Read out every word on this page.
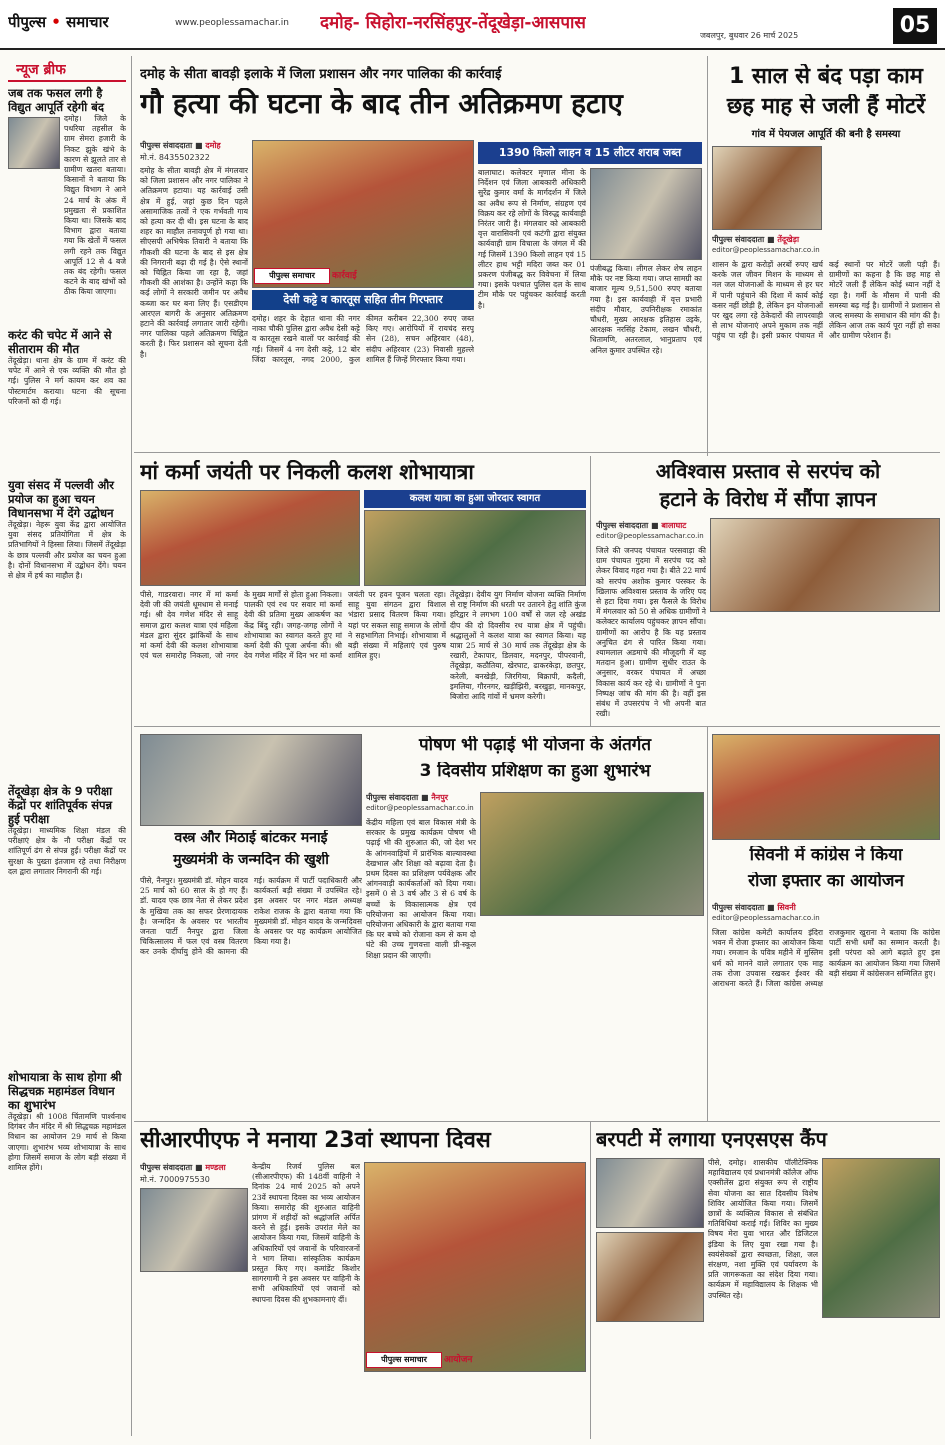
पीपुल्स • समाचार	www.peoplessamachar.in दमोह- सिहोरा-नरसिंहपुर-तेंदूखेड़ा-आसपास
जबलपुर, बुधवार 26 मार्च 2025	05
न्यूज ब्रीफ
जब तक फसल लगी है विद्युत आपूर्ति रहेगी बंद
दमोह। जिले के पथरिया तहसील के ग्राम सेमरा हजारी के निकट झुके खंभे के कारण से झूलते तार से ग्रामीण खतरा बताया। किसानों ने बताया कि विद्युत विभाग ने आने 24 मार्च के अंक में प्रमुखता से प्रकाशित किया था। जिसके बाद विभाग द्वारा बताया गया कि खेतों में फसल लगी रहने तक विद्युत आपूर्ति 12 से 4 बजे तक बंद रहेगी। फसल कटने के बाद खंभों को ठीक किया जाएगा।
करंट की चपेट में आने से सीताराम की मौत
तेंदूखेड़ा। थाना क्षेत्र के ग्राम में करंट की चपेट में आने से एक व्यक्ति की मौत हो गई। पुलिस ने मर्ग कायम कर शव का पोस्टमार्टम कराया। घटना की सूचना परिजनों को दी गई।
युवा संसद में पल्लवी और प्रयोज का हुआ चयन विधानसभा में देंगे उद्बोधन
तेंदूखेड़ा। नेहरू युवा केंद्र द्वारा आयोजित युवा संसद प्रतियोगिता में क्षेत्र के प्रतिभागियों ने हिस्सा लिया। जिसमें तेंदूखेड़ा के छात्र पल्लवी और प्रयोज का चयन हुआ है। दोनों विधानसभा में उद्बोधन देंगे। चयन से क्षेत्र में हर्ष का माहौल है।
तेंदूखेड़ा क्षेत्र के 9 परीक्षा केंद्रों पर शांतिपूर्वक संपन्न हुई परीक्षा
तेंदूखेड़ा। माध्यमिक शिक्षा मंडल की परीक्षाएं क्षेत्र के नौ परीक्षा केंद्रों पर शांतिपूर्ण ढंग से संपन्न हुईं। परीक्षा केंद्रों पर सुरक्षा के पुख्ता इंतजाम रहे तथा निरीक्षण दल द्वारा लगातार निगरानी की गई।
शोभायात्रा के साथ होगा श्री सिद्धचक्र महामंडल विधान का शुभारंभ
तेंदूखेड़ा। श्री 1008 चिंतामणि पार्श्वनाथ दिगंबर जैन मंदिर में श्री सिद्धचक्र महामंडल विधान का आयोजन 29 मार्च से किया जाएगा। शुभारंभ भव्य शोभायात्रा के साथ होगा जिसमें समाज के लोग बड़ी संख्या में शामिल होंगे।
दमोह के सीता बावड़ी इलाके में जिला प्रशासन और नगर पालिका की कार्रवाई
गौ हत्या की घटना के बाद तीन अतिक्रमण हटाए
पीपुल्स संवाददाता ■ दमोह
मो.नं. 8435502322
दमोह के सीता बावड़ी क्षेत्र में मंगलवार को जिला प्रशासन और नगर पालिका ने अतिक्रमण हटाया। यह कार्रवाई उसी क्षेत्र में हुई, जहां कुछ दिन पहले असामाजिक तत्वों ने एक गर्भवती गाय को हत्या कर दी थी। इस घटना के बाद शहर का माहौल तनावपूर्ण हो गया था। सीएसपी अभिषेक तिवारी ने बताया कि गौकशी की घटना के बाद से इस क्षेत्र की निगरानी बढ़ा दी गई है। ऐसे स्थानों को चिह्नित किया जा रहा है, जहां गौकशी की आशंका है। उन्होंने कहा कि कई लोगों ने सरकारी जमीन पर अवैध कब्जा कर घर बना लिए हैं। एसडीएम आरएल बागरी के अनुसार अतिक्रमण हटाने की कार्रवाई लगातार जारी रहेगी। नगर पालिका पहले अतिक्रमण चिह्नित करती है। फिर प्रशासन को सूचना देती है।
पीपुल्स समाचार	कार्रवाई
देसी कट्टे व कारतूस सहित तीन गिरफ्तार
दमोह। शहर के देहात थाना की नगर नाका चौकी पुलिस द्वारा अवैध देसी कट्टे व कारतूस रखने वालों पर कार्रवाई की गई। जिसमें 4 नग देसी कट्टे, 12 बोर जिंदा कारतूस, नगद 2000, कुल कीमत करीबन 22,300 रुपए जब्त किए गए। आरोपियों में रायचंद सरपू सेन (28), सचन अहिरवार (48), संदीप अहिरवार (23) निवासी मुहल्ले शामिल हैं जिन्हें गिरफ्तार किया गया।
1390 किलो लाहन व 15 लीटर शराब जब्त
बालाघाट। कलेक्टर मृणाल मीना के निर्देशन एवं जिला आबकारी अधिकारी सुरेंद्र कुमार वर्मा के मार्गदर्शन में जिले का अवैध रूप से निर्माण, संग्रहण एवं विक्रय कर रहे लोगों के विरुद्ध कार्यवाही निरंतर जारी है। मंगलवार को आबकारी वृत्त वारासिवनी एवं कटंगी द्वारा संयुक्त कार्यवाही ग्राम विचाला के जंगल में की गई जिसमें 1390 किलो लाहन एवं 15 लीटर हाथ भट्टी मदिरा जब्त कर 01 प्रकरण पंजीबद्ध कर विवेचना में लिया गया। इसके पश्चात पुलिस दल के साथ टीम मौके पर पहुंचकर कार्रवाई करती है।
पंजीबद्ध किया। लीगल लेकर शेष लाहन मौके पर नष्ट किया गया। जप्त सामग्री का बाजार मूल्य 9,51,500 रुपए बताया गया है। इस कार्यवाही में वृत्त प्रभारी संदीप मौवार, उपनिरीक्षक रमाकांत चौधरी, मुख्य आरक्षक इतिहास उइके, आरक्षक नरसिंह टेकाम, लखन चौधरी, धितामणि, अतरलाल, भानुप्रताप एवं अनिल कुमार उपस्थित रहे।
1 साल से बंद पड़ा काम
छह माह से जली हैं मोटरें
गांव में पेयजल आपूर्ति की बनी है समस्या
पीपुल्स संवाददाता ■ तेंदूखेड़ा
editor@peoplessamachar.co.in
शासन के द्वारा करोड़ों अरबों रुपए खर्च करके जल जीवन मिशन के माध्यम से नल जल योजनाओं के माध्यम से हर घर में पानी पहुंचाने की दिशा में कार्य कोई कसर नहीं छोड़ी है, लेकिन इन योजनाओं पर खुद लगा रहे ठेकेदारों की लापरवाही से लाभ योजनाएं अपने मुकाम तक नहीं पहुंच पा रही है। इसी प्रकार पंचायत में कई स्थानों पर मोटरें जली पड़ी हैं। ग्रामीणों का कहना है कि छह माह से मोटरें जली हैं लेकिन कोई ध्यान नहीं दे रहा है। गर्मी के मौसम में पानी की समस्या बढ़ गई है। ग्रामीणों ने प्रशासन से जल्द समस्या के समाधान की मांग की है। लेकिन आज तक कार्य पूरा नहीं हो सका और ग्रामीण परेशान हैं।
मां कर्मा जयंती पर निकली कलश शोभायात्रा
कलश यात्रा का हुआ जोरदार स्वागत
पीसे, गाडरवारा। नगर में मां कर्मा देवी जी की जयंती धूमधाम से मनाई गई। श्री देव गणेश मंदिर से साहू समाज द्वारा कलश यात्रा एवं महिला मंडल द्वारा सुंदर झांकियों के साथ मां कर्मा देवी की कलश शोभायात्रा एवं चल समारोह निकला, जो नगर के मुख्य मार्गों से होता हुआ निकला। पालकी एवं रथ पर सवार मां कर्मा देवी की प्रतिमा मुख्य आकर्षण का केंद्र बिंदु रही। जगह-जगह लोगों ने शोभायात्रा का स्वागत करते हुए मां कर्मा देवी की पूजा अर्चना की। श्री देव गणेश मंदिर में दिन भर मां कर्मा जयंती पर हवन पूजन चलता रहा। साहू युवा संगठन द्वारा विशाल भंडारा प्रसाद वितरण किया गया। यहां पर सकल साहू समाज के लोगों ने सहभागिता निभाई। शोभायात्रा में बड़ी संख्या में महिलाएं एवं पुरुष शामिल हुए।
तेंदूखेड़ा। देवीय युग निर्माण योजना व्यक्ति निर्माण से राष्ट्र निर्माण की धरती पर उतारने हेतु शांति कुंज हरिद्वार ने लगभग 100 वर्षों से जल रहे अखंड दीप की दो दिवसीय रथ यात्रा क्षेत्र में पहुंची। श्रद्धालुओं ने कलश यात्रा का स्वागत किया। यह यात्रा 25 मार्च से 30 मार्च तक तेंदूखेड़ा क्षेत्र के रखारी, टेकापार, डिलवार, मदनपुर, पीपरवानी, तेंदूखेड़ा, कठौतिया, खेरघाट, ढाकरकेड़ा, छतपुर, करेली, बनखेड़ी, जिरगिया, बिक्रापी, कदैली, इमलिया, गौरनगर, खड़ीझिरी, बरखुड़ा, मानकपुर, बिजोरा आदि गांवों में भ्रमण करेगी।
अविश्वास प्रस्ताव से सरपंच को
हटाने के विरोध में सौंपा ज्ञापन
पीपुल्स संवाददाता ■ बालाघाट
editor@peoplessamachar.co.in
जिले की जनपद पंचायत परसवाड़ा की ग्राम पंचायत गुदमा में सरपंच पद को लेकर विवाद गहरा गया है। बीते 22 मार्च को सरपंच अशोक कुमार परस्कर के खिलाफ अविश्वास प्रस्ताव के जरिए पद से हटा दिया गया। इस फैसले के विरोध में मंगलवार को 50 से अधिक ग्रामीणों ने कलेक्टर कार्यालय पहुंचकर ज्ञापन सौंपा। ग्रामीणों का आरोप है कि यह प्रस्ताव अनुचित ढंग से पारित किया गया। श्यामलाल अडमाचे की मौजूदगी में यह मतदान हुआ। ग्रामीण सुधीर राउत के अनुसार, वरकर पंचायत में अच्छा विकास कार्य कर रहे थे। ग्रामीणों ने पुनः निष्पक्ष जांच की मांग की है। वहीं इस संबंध में उपसरपंच ने भी अपनी बात रखी।
पोषण भी पढ़ाई भी योजना के अंतर्गत
3 दिवसीय प्रशिक्षण का हुआ शुभारंभ
पीपुल्स संवाददाता ■ नैनपुर
editor@peoplessamachar.co.in
केंद्रीय महिला एवं बाल विकास मंत्री के सरकार के प्रमुख कार्यक्रम पोषण भी पढ़ाई भी की शुरुआत की, जो देश भर के आंगनवाड़ियों में प्रारंभिक बाल्यावस्था देखभाल और शिक्षा को बढ़ावा देता है। प्रथम दिवस का प्रशिक्षण पर्यवेक्षक और आंगनवाड़ी कार्यकर्ताओं को दिया गया। इसमें 0 से 3 वर्ष और 3 से 6 वर्ष के बच्चों के विकासात्मक क्षेत्र एवं परियोजना का आयोजन किया गया। परियोजना अधिकारी के द्वारा बताया गया कि घर बच्चे को रोजाना कम से कम दो घंटे की उच्च गुणवत्ता वाली प्री-स्कूल शिक्षा प्रदान की जाएगी।
वस्त्र और मिठाई बांटकर मनाई
मुख्यमंत्री के जन्मदिन की खुशी
पीसे, नैनपुर। मुख्यमंत्री डॉ. मोहन यादव 25 मार्च को 60 साल के हो गए हैं। डॉ. यादव एक छात्र नेता से लेकर प्रदेश के मुखिया तक का सफर प्रेरणादायक है। जन्मदिन के अवसर पर भारतीय जनता पार्टी नैनपुर द्वारा जिला चिकित्सालय में फल एवं वस्त्र वितरण कर उनके दीर्घायु होने की कामना की गई। कार्यक्रम में पार्टी पदाधिकारी और कार्यकर्ता बड़ी संख्या में उपस्थित रहे। इस अवसर पर नगर मंडल अध्यक्ष राकेश राजक के द्वारा बताया गया कि मुख्यमंत्री डॉ. मोहन यादव के जन्मदिवस के अवसर पर यह कार्यक्रम आयोजित किया गया है।
सिवनी में कांग्रेस ने किया
रोजा इफ्तार का आयोजन
पीपुल्स संवाददाता ■ सिवनी
editor@peoplessamachar.co.in
जिला कांग्रेस कमेटी कार्यालय इंदिरा भवन में रोजा इफ्तार का आयोजन किया गया। रमजान के पवित्र महीने में मुस्लिम धर्म को मानने वाले लगातार एक माह तक रोजा उपवास रखकर ईश्वर की आराधना करते हैं। जिला कांग्रेस अध्यक्ष राजकुमार खुराना ने बताया कि कांग्रेस पार्टी सभी धर्मों का सम्मान करती है। इसी परंपरा को आगे बढ़ाते हुए इस कार्यक्रम का आयोजन किया गया जिसमें बड़ी संख्या में कांग्रेसजन सम्मिलित हुए।
सीआरपीएफ ने मनाया 23वां स्थापना दिवस
पीपुल्स संवाददाता ■ मण्डला
मो.नं. 7000975530
केन्द्रीय रिजर्व पुलिस बल (सीआरपीएफ) की 148वीं वाहिनी ने दिनांक 24 मार्च 2025 को अपने 23वें स्थापना दिवस का भव्य आयोजन किया। समारोह की शुरुआत वाहिनी प्रांगण में शहीदों को श्रद्धांजलि अर्पित करने से हुई। इसके उपरांत मेले का आयोजन किया गया, जिसमें वाहिनी के अधिकारियों एवं जवानों के परिवारजनों ने भाग लिया। सांस्कृतिक कार्यक्रम प्रस्तुत किए गए। कमांडेंट किशोर सागरगामी ने इस अवसर पर वाहिनी के सभी अधिकारियों एवं जवानों को स्थापना दिवस की शुभकामनाएं दीं।
पीपुल्स समाचार	आयोजन
बरपटी में लगाया एनएसएस कैंप
पीसे, दमोह। शासकीय पॉलीटेक्निक महाविद्यालय एवं प्रधानमंत्री कॉलेज ऑफ एक्सीलेंस द्वारा संयुक्त रूप से राष्ट्रीय सेवा योजना का सात दिवसीय विशेष शिविर आयोजित किया गया। जिसमें छात्रों के व्यक्तित्व विकास से संबंधित गतिविधियां कराई गईं। शिविर का मुख्य विषय मेरा युवा भारत और डिजिटल इंडिया के लिए युवा रखा गया है। स्वयंसेवकों द्वारा स्वच्छता, शिक्षा, जल संरक्षण, नशा मुक्ति एवं पर्यावरण के प्रति जागरूकता का संदेश दिया गया। कार्यक्रम में महाविद्यालय के शिक्षक भी उपस्थित रहे।
